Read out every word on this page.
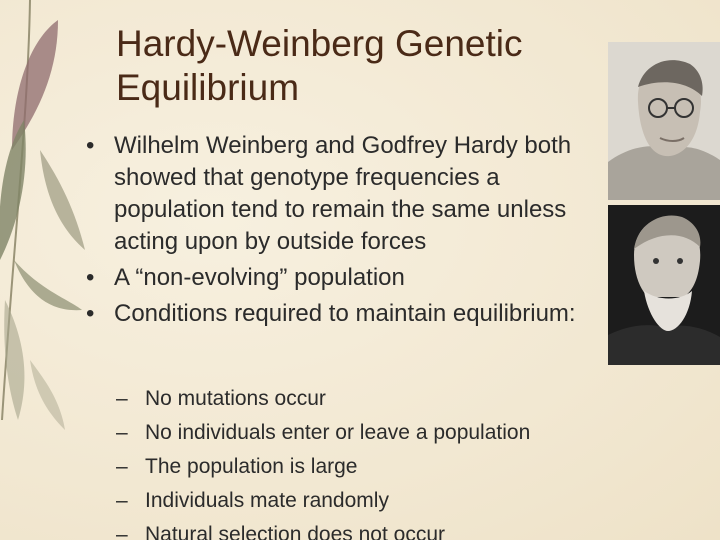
Hardy-Weinberg Genetic
Equilibrium
• Wilhelm Weinberg and Godfrey Hardy both showed that genotype frequencies a population tend to remain the same unless acting upon by outside forces
• A “non-evolving” population
• Conditions required to maintain equilibrium:
– No mutations occur
– No individuals enter or leave a population
– The population is large
– Individuals mate randomly
– Natural selection does not occur
